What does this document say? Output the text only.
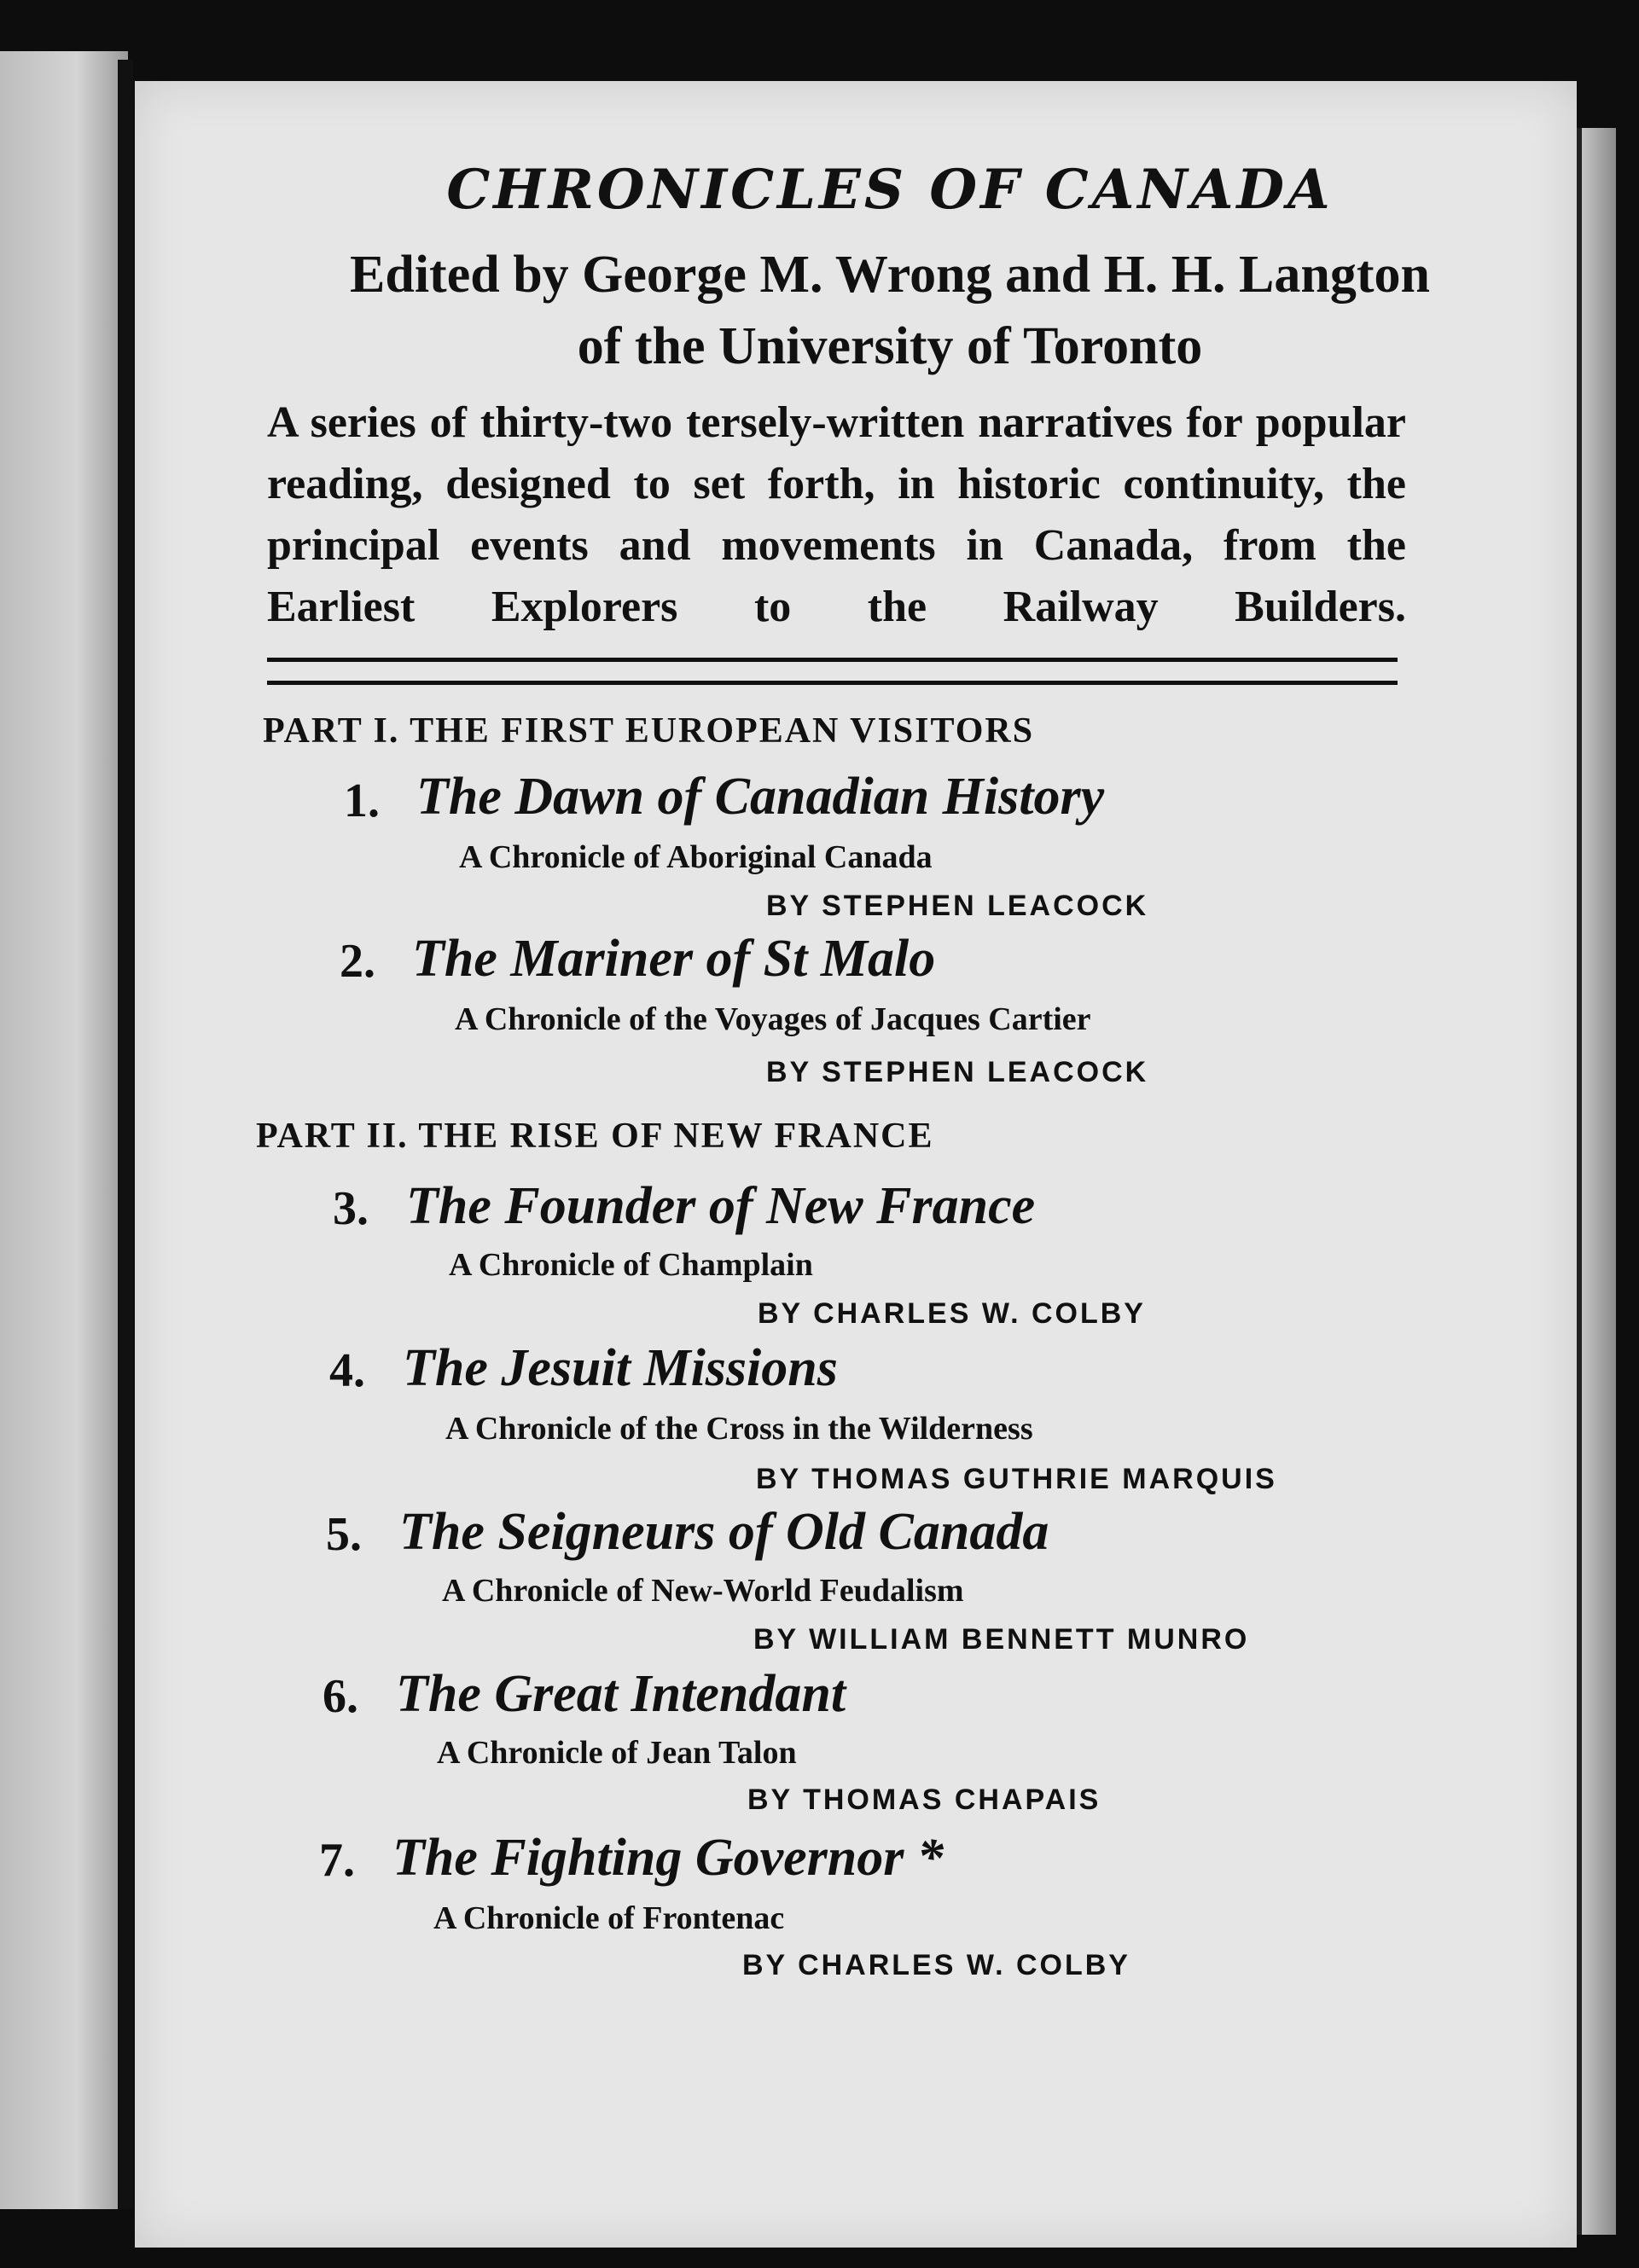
CHRONICLES OF CANADA
Edited by George M. Wrong and H. H. Langton
of the University of Toronto
A series of thirty-two tersely-written narratives for popular reading, designed to set forth, in historic continuity, the principal events and movements in Canada, from the Earliest Explorers to the Railway Builders.
PART I. THE FIRST EUROPEAN VISITORS
1. The Dawn of Canadian History
A Chronicle of Aboriginal Canada
BY STEPHEN LEACOCK
2. The Mariner of St Malo
A Chronicle of the Voyages of Jacques Cartier
BY STEPHEN LEACOCK
PART II. THE RISE OF NEW FRANCE
3. The Founder of New France
A Chronicle of Champlain
BY CHARLES W. COLBY
4. The Jesuit Missions
A Chronicle of the Cross in the Wilderness
BY THOMAS GUTHRIE MARQUIS
5. The Seigneurs of Old Canada
A Chronicle of New-World Feudalism
BY WILLIAM BENNETT MUNRO
6. The Great Intendant
A Chronicle of Jean Talon
BY THOMAS CHAPAIS
7. The Fighting Governor *
A Chronicle of Frontenac
BY CHARLES W. COLBY
